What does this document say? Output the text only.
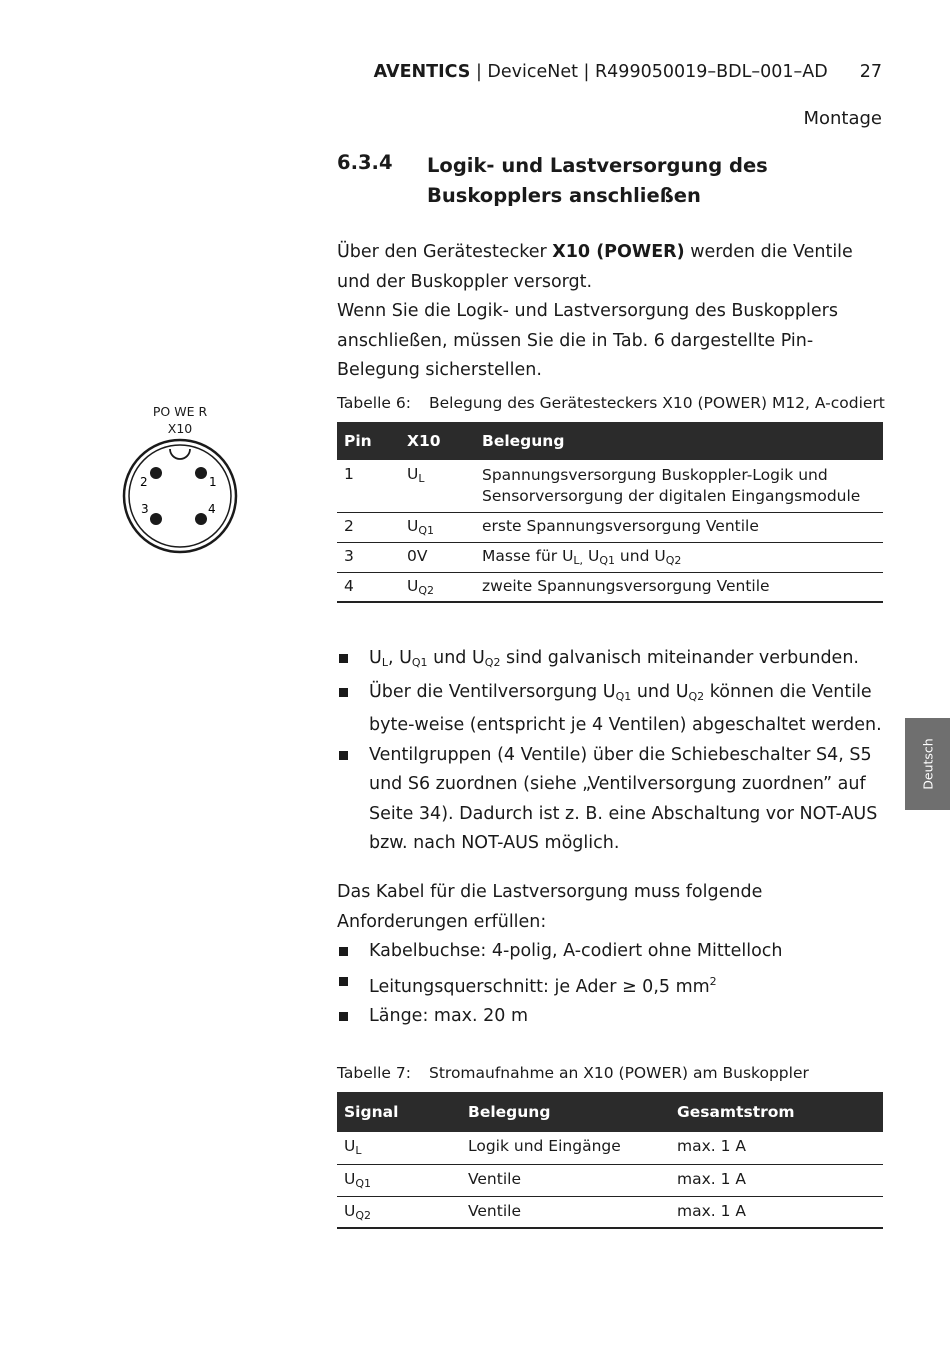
AVENTICS | DeviceNet | R499050019–BDL–001–AD 27
Montage
6.3.4 Logik- und Lastversorgung des Buskopplers anschließen
Über den Gerätestecker X10 (POWER) werden die Ventile und der Buskoppler versorgt.
Wenn Sie die Logik- und Lastversorgung des Buskopplers anschließen, müssen Sie die in Tab. 6 dargestellte Pin-Belegung sicherstellen.
PO WE R
X10
1
2
3	4
Tabelle 6: Belegung des Gerätesteckers X10 (POWER) M12, A-codiert
Pin	X10	Belegung
1	$U_L$	Spannungsversorgung Buskoppler-Logik und Sensorversorgung der digitalen Eingangsmodule
2	$U_{Q1}$	erste Spannungsversorgung Ventile
3	0V	Masse für $U_{L,}$ $U_{Q1}$ und $U_{Q2}$
4	$U_{Q2}$	zweite Spannungsversorgung Ventile
$U_L$, $U_{Q1}$ und $U_{Q2}$ sind galvanisch miteinander verbunden.
Über die Ventilversorgung $U_{Q1}$ und $U_{Q2}$ können die Ventile byte-weise (entspricht je 4 Ventilen) abgeschaltet werden.
Ventilgruppen (4 Ventile) über die Schiebeschalter S4, S5 und S6 zuordnen (siehe „Ventilversorgung zuordnen” auf Seite 34). Dadurch ist z. B. eine Abschaltung vor NOT-AUS bzw. nach NOT-AUS möglich.
Das Kabel für die Lastversorgung muss folgende Anforderungen erfüllen:
Kabelbuchse: 4-polig, A-codiert ohne Mittelloch
Leitungsquerschnitt: je Ader ≥ 0,5 $mm^2$
Länge: max. 20 m
Tabelle 7: Stromaufnahme an X10 (POWER) am Buskoppler
Signal	Belegung	Gesamtstrom
$U_L$	Logik und Eingänge	max. 1 A
$U_{Q1}$	Ventile	max. 1 A
$U_{Q2}$	Ventile	max. 1 A
Deutsch
